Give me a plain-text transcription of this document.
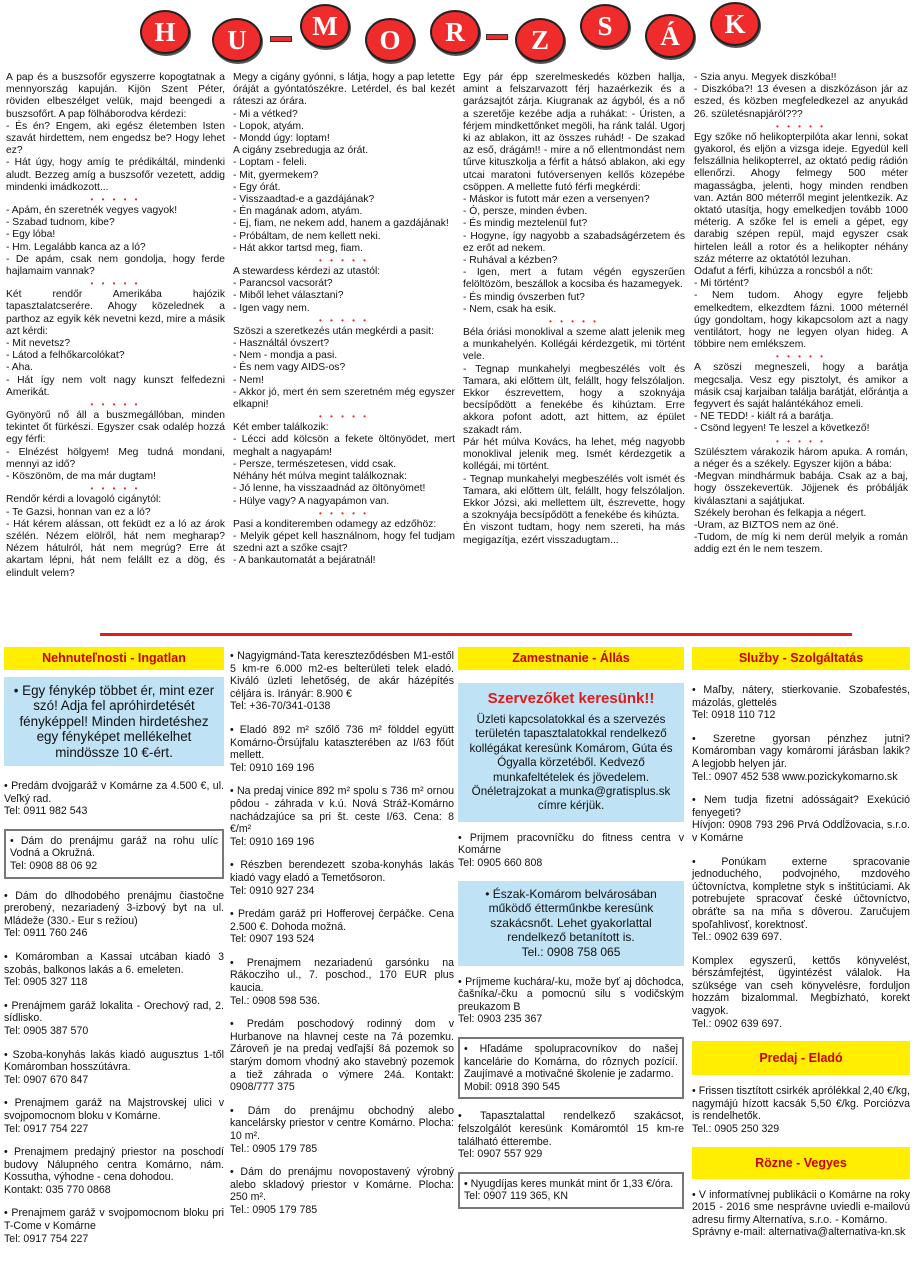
H	U	M	O	R	Z	S	Á	K

A pap és a buszsofőr egyszerre kopogtatnak a mennyország kapuján. Kijön Szent Péter, röviden elbeszélget velük, majd beengedi a buszsofőrt. A pap fölháborodva kérdezi:

- És én? Engem, aki egész életemben Isten szavát hirdettem, nem engedsz be? Hogy lehet ez?

- Hát úgy, hogy amíg te prédikáltál, mindenki aludt. Bezzeg amíg a buszsofőr vezetett, addig mindenki imádkozott...

• • • • •

- Apám, én szeretnék vegyes vagyok!

- Szabad tudnom, kibe?

- Egy lóba!

- Hm. Legalább kanca az a ló?

- De apám, csak nem gondolja, hogy ferde hajlamaim vannak?

• • • • •

Két rendőr Amerikába hajózik tapasztalatcserére. Ahogy közelednek a parthoz az egyik kék nevetni kezd, mire a másik azt kérdi:

- Mit nevetsz?

- Látod a felhőkarcolókat?

- Aha.

- Hát így nem volt nagy kunszt felfedezni Amerikát.

• • • • •

Gyönyörű nő áll a buszmegállóban, minden tekintet őt fürkészi. Egyszer csak odalép hozzá egy férfi:

- Elnézést hölgyem! Meg tudná mondani, mennyi az idő?

- Köszönöm, de ma már dugtam!

• • • • •

Rendőr kérdi a lovagoló cigánytól:

- Te Gazsi, honnan van ez a ló?

- Hát kérem alássan, ott feküdt ez a ló az árok szélén. Nézem elölről, hát nem megharap? Nézem hátulról, hát nem megrúg? Erre át akartam lépni, hát nem felállt ez a dög, és elindult velem?

Megy a cigány gyónni, s látja, hogy a pap letette óráját a gyóntatószékre. Letérdel, és bal kezét ráteszi az órára.

- Mi a vétked?

- Lopok, atyám.

- Mondd úgy: loptam!

A cigány zsebredugja az órát.

- Loptam - feleli.

- Mit, gyermekem?

- Egy órát.

- Visszaadtad-e a gazdájának?

- Én magának adom, atyám.

- Ej, fiam, ne nekem add, hanem a gazdájának!

- Próbáltam, de nem kellett neki.

- Hát akkor tartsd meg, fiam.

• • • • •

A stewardess kérdezi az utastól:

- Parancsol vacsorát?

- Miből lehet választani?

- Igen vagy nem.

• • • • •

Szöszi a szeretkezés után megkérdi a pasit:

- Használtál óvszert?

- Nem - mondja a pasi.

- És nem vagy AIDS-os?

- Nem!

- Akkor jó, mert én sem szeretném még egyszer elkapni!

• • • • •

Két ember találkozik:

- Lécci add kölcsön a fekete öltönyödet, mert meghalt a nagyapám!

- Persze, természetesen, vidd csak.

Néhány hét múlva megint találkoznak:

- Jó lenne, ha visszaadnád az öltönyömet!

- Hülye vagy? A nagyapámon van.

• • • • •

Pasi a konditeremben odamegy az edzőhöz:

- Melyik gépet kell használnom, hogy fel tudjam szedni azt a szőke csajt?

- A bankautomatát a bejáratnál!

Egy pár épp szerelmeskedés közben hallja, amint a felszarvazott férj hazaérkezik és a garázsajtót zárja. Kiugranak az ágyból, és a nő a szeretője kezébe adja a ruhákat: - Úristen, a férjem mindkettőnket megöli, ha ránk talál. Ugorj ki az ablakon, itt az összes ruhád! - De szakad az eső, drágám!! - mire a nő ellentmondást nem tűrve kituszkolja a férfit a hátsó ablakon, aki egy utcai maratoni futóversenyen kellős közepébe csöppen. A mellette futó férfi megkérdi:

- Máskor is futott már ezen a versenyen?

- Ó, persze, minden évben.

- És mindig meztelenül fut?

- Hogyne, így nagyobb a szabadságérzetem és ez erőt ad nekem.

- Ruhával a kézben?

- Igen, mert a futam végén egyszerűen felöltözöm, beszállok a kocsiba és hazamegyek.

- És mindig óvszerben fut?

- Nem, csak ha esik.

• • • • •

Béla óriási monoklival a szeme alatt jelenik meg a munkahelyén. Kollégái kérdezgetik, mi történt vele.

- Tegnap munkahelyi megbeszélés volt és Tamara, aki előttem ült, felállt, hogy felszólaljon. Ekkor észrevettem, hogy a szoknyája becsípődött a fenekébe és kihúztam. Erre akkora pofont adott, azt hittem, az épület szakadt rám.

Pár hét múlva Kovács, ha lehet, még nagyobb monoklival jelenik meg. Ismét kérdezgetik a kollégái, mi történt.

- Tegnap munkahelyi megbeszélés volt ismét és Tamara, aki előttem ült, felállt, hogy felszólaljon. Ekkor Józsi, aki mellettem ült, észrevette, hogy a szoknyája becsípődött a fenekébe és kihúzta.

Én viszont tudtam, hogy nem szereti, ha más megigazítja, ezért visszadugtam...

- Szia anyu. Megyek diszkóba!!

- Diszkóba?! 13 évesen a diszkózáson jár az eszed, és közben megfeledkezel az anyukád 26. születésnapjáról???

• • • • •

Egy szőke nő helikopterpilóta akar lenni, sokat gyakorol, és eljön a vizsga ideje. Egyedül kell felszállnia helikopterrel, az oktató pedig rádión ellenőrzi. Ahogy felmegy 500 méter magasságba, jelenti, hogy minden rendben van. Aztán 800 méterről megint jelentkezik. Az oktató utasítja, hogy emelkedjen tovább 1000 méterig. A szőke fel is emeli a gépet, egy darabig szépen repül, majd egyszer csak hirtelen leáll a rotor és a helikopter néhány száz méterre az oktatótól lezuhan.

Odafut a férfi, kihúzza a roncsból a nőt:

- Mi történt?

- Nem tudom. Ahogy egyre feljebb emelkedtem, elkezdtem fázni. 1000 méternél úgy gondoltam, hogy kikapcsolom azt a nagy ventilátort, hogy ne legyen olyan hideg. A többire nem emlékszem.

• • • • •

A szöszi megneszeli, hogy a barátja megcsalja. Vesz egy pisztolyt, és amikor a másik csaj karjaiban találja barátját, előrántja a fegyvert és saját halántékához emeli.

- NE TEDD! - kiált rá a barátja.

- Csönd legyen! Te leszel a következő!

• • • • •

Szülésztem várakozik három apuka. A román, a néger és a székely. Egyszer kijön a bába:

-Megvan mindhármuk babája. Csak az a baj, hogy összekevertük. Jöjjenek és próbálják kiválasztani a sajátjukat.

Székely berohan és felkapja a négert.

-Uram, az BIZTOS nem az öné.

-Tudom, de míg ki nem derül melyik a román addig ezt én le nem teszem.

Nehnuteľnosti - Ingatlan
• Egy fénykép többet ér, mint ezer szó! Adja fel apróhirdetését fényképpel! Minden hirdetéshez egy fényképet mellékelhet mindössze 10 €-ért.

• Predám dvojgaráž v Komárne za 4.500 €, ul. Veľký rad.

Tel: 0911 982 543

• Dám do prenájmu garáž na rohu ulíc Vodná a Okružná.

Tel: 0908 88 06 92

• Dám do dlhodobého prenájmu čiastočne prerobený, nezariadený 3-izbový byt na ul. Mládeže (330.- Eur s režiou)

Tel: 0911 760 246

• Komáromban a Kassai utcában kiadó 3 szobás, balkonos lakás a 6. emeleten.

Tel: 0905 327 118

• Prenájmem garáž lokalita - Orechový rad, 2. sídlisko.

Tel: 0905 387 570

• Szoba-konyhás lakás kiadó augusztus 1-től Komáromban hosszútávra.

Tel: 0907 670 847

• Prenajmem garáž na Majstrovskej ulici v svojpomocnom bloku v Komárne.

Tel: 0917 754 227

• Prenajmem predajný priestor na poschodí budovy Nálupného centra Komárno, nám. Kossutha, výhodne - cena dohodou.

Kontakt: 035 770 0868

• Prenajmem garáž v svojpomocnom bloku pri T-Come v Komárne

Tel: 0917 754 227

• Nagyigmánd-Tata kereszteződésben M1-estől 5 km-re 6.000 m2-es belterületi telek eladó. Kiváló üzleti lehetőség, de akár házépítés céljára is. Irányár: 8.900 €

Tel: +36-70/341-0138

• Eladó 892 m² szőlő 736 m² földdel együtt Komárno-Örsújfalu kataszterében az I/63 főút mellett.

Tel: 0910 169 196

• Na predaj vinice 892 m² spolu s 736 m² ornou pôdou - záhrada v k.ú. Nová Stráž-Komárno nachádzajúce sa pri št. ceste I/63. Cena: 8 €/m²

Tel: 0910 169 196

• Részben berendezett szoba-konyhás lakás kiadó vagy eladó a Temetősoron.

Tel: 0910 927 234

• Predám garáž pri Hofferovej čerpáčke. Cena 2.500 €. Dohoda možná.

Tel: 0907 193 524

• Prenajmem nezariadenú garsónku na Rákocziho ul., 7. poschod., 170 EUR plus kaucia.

Tel.: 0908 598 536.

• Predám poschodový rodinný dom v Hurbanove na hlavnej ceste na 7á pozemku. Zároveň je na predaj vedľajší 8á pozemok so starým domom vhodný ako stavebný pozemok a tiež záhrada o výmere 24á. Kontakt: 0908/777 375

• Dám do prenájmu obchodný alebo kancelársky priestor v centre Komárno. Plocha: 10 m².

Tel.: 0905 179 785

• Dám do prenájmu novopostavený výrobný alebo skladový priestor v Komárne. Plocha: 250 m².

Tel.: 0905 179 785

Zamestnanie - Állás
Szervezőket keresünk!!
Üzleti kapcsolatokkal és a szervezés területén tapasztalatokkal rendelkező kollégákat keresünk Komárom, Gúta és Ógyalla körzetéből. Kedvező munkafeltételek és jövedelem. Önéletrajzokat a munka@gratisplus.sk címre kérjük.

• Prijmem pracovníčku do fitness centra v Komárne

Tel: 0905 660 808

• Észak-Komárom belvárosában működő étterműnkbe keresünk szakácsnőt. Lehet gyakorlattal rendelkező betanított is.

Tel.: 0908 758 065

• Príjmeme kuchára/-ku, može byť aj dôchodca, čašníka/-čku a pomocnú silu s vodičským preukazom B

Tel: 0903 235 367

• Hľadáme spolupracovníkov do našej kancelárie do Komárna, do rôznych pozícií. Zaujímavé a motivačné školenie je zadarmo.

Mobil: 0918 390 545

• Tapasztalattal rendelkező szakácsot, felszolgálót keresünk Komáromtól 15 km-re található étterembe.

Tel: 0907 557 929

• Nyugdíjas keres munkát mint őr 1,33 €/óra.

Tel: 0907 119 365, KN

Služby - Szolgáltatás

• Maľby, nátery, stierkovanie. Szobafestés, mázolás, glettelés

Tel: 0918 110 712

• Szeretne gyorsan pénzhez jutni? Komáromban vagy komáromi járásban lakik? A legjobb helyen jár.

Tel.: 0907 452 538 www.pozickykomarno.sk

• Nem tudja fizetni adósságait? Exekúció fenyegeti?

Hívjon: 0908 793 296 Prvá Oddĺžovacia, s.r.o. v Komárne

• Ponúkam externe spracovanie jednoduchého, podvojného, mzdového účtovníctva, kompletne styk s inštitúciami. Ak potrebujete spracovať české účtovníctvo, obráťte sa na mňa s dôverou. Zaručujem spoľahlivosť, korektnosť.

Tel.: 0902 639 697.

Komplex egyszerű, kettős könyvelést, bérszámfejtést, ügyintézést válalok. Ha szüksége van cseh könyvelésre, forduljon hozzám bizalommal. Megbízható, korekt vagyok.

Tel.: 0902 639 697.

Predaj - Eladó

• Frissen tisztított csirkék aprólékkal 2,40 €/kg, nagymájú hízott kacsák 5,50 €/kg. Porciózva is rendelhetők.

Tel.: 0905 250 329

Rözne - Vegyes

• V informatívnej publikácii o Komárne na roky 2015 - 2016 sme nesprávne uviedli e-mailovú adresu firmy Alternatíva, s.r.o. - Komárno.

Správny e-mail: alternativa@alternativa-kn.sk
